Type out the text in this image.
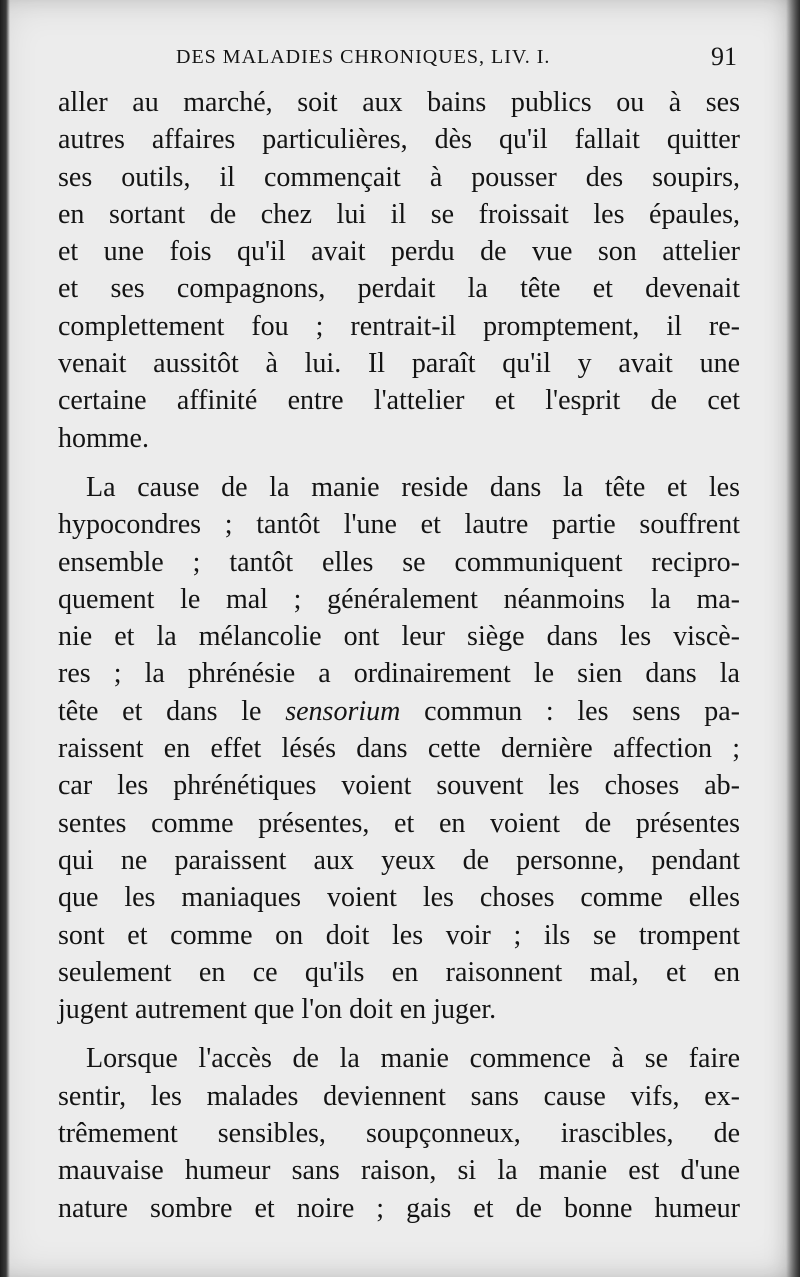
DES MALADIES CHRONIQUES, LIV. I.	91
aller au marché, soit aux bains publics ou à ses
autres affaires particulières, dès qu'il fallait quitter
ses outils, il commençait à pousser des soupirs,
en sortant de chez lui il se froissait les épaules,
et une fois qu'il avait perdu de vue son attelier
et ses compagnons, perdait la tête et devenait
complettement fou ; rentrait-il promptement, il re-
venait aussitôt à lui. Il paraît qu'il y avait une
certaine affinité entre l'attelier et l'esprit de cet
homme.
La cause de la manie reside dans la tête et les
hypocondres ; tantôt l'une et lautre partie souffrent
ensemble ; tantôt elles se communiquent recipro-
quement le mal ; généralement néanmoins la ma-
nie et la mélancolie ont leur siège dans les viscè-
res ; la phrénésie a ordinairement le sien dans la
tête et dans le sensorium commun : les sens pa-
raissent en effet lésés dans cette dernière affection ;
car les phrénétiques voient souvent les choses ab-
sentes comme présentes, et en voient de présentes
qui ne paraissent aux yeux de personne, pendant
que les maniaques voient les choses comme elles
sont et comme on doit les voir ; ils se trompent
seulement en ce qu'ils en raisonnent mal, et en
jugent autrement que l'on doit en juger.
Lorsque l'accès de la manie commence à se faire
sentir, les malades deviennent sans cause vifs, ex-
trêmement sensibles, soupçonneux, irascibles, de
mauvaise humeur sans raison, si la manie est d'une
nature sombre et noire ; gais et de bonne humeur
